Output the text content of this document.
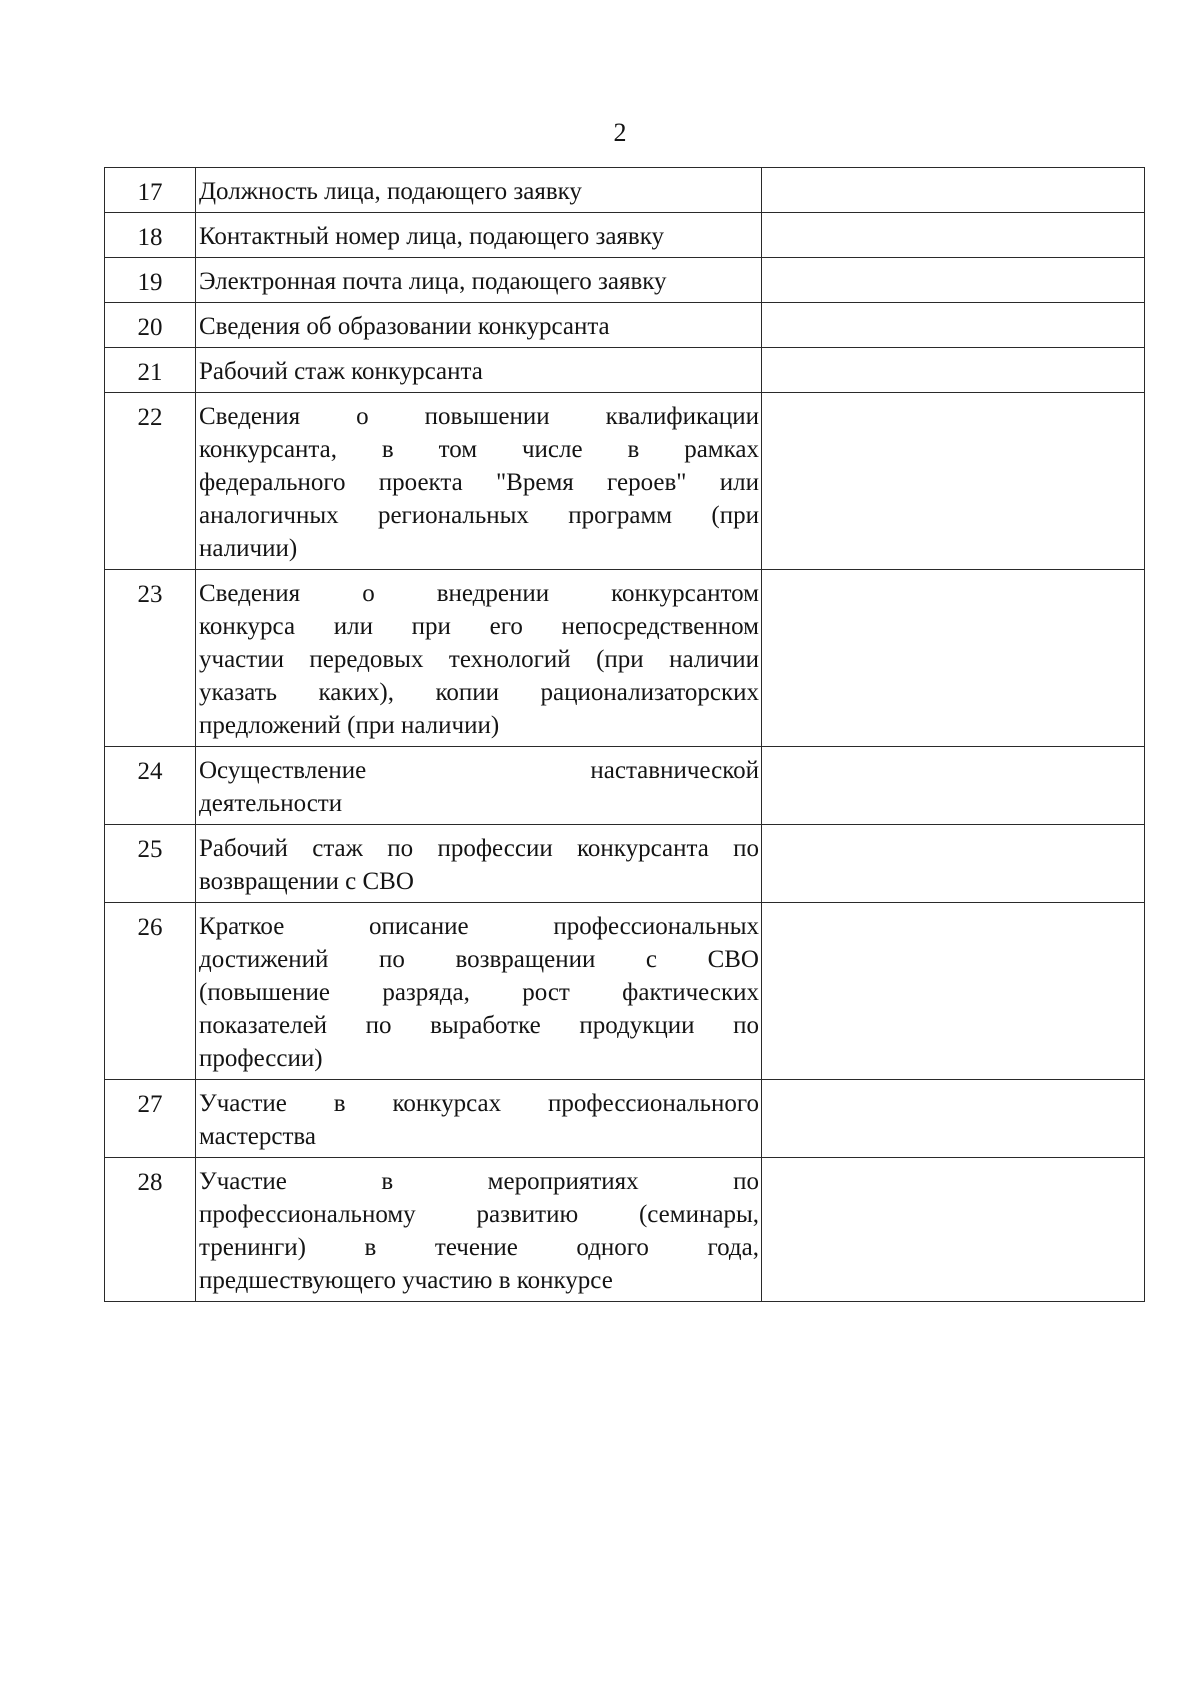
2
17	Должность лица, подающего заявку	

18	Контактный номер лица, подающего заявку	

19	Электронная почта лица, подающего заявку	

20	Сведения об образовании конкурсанта	

21	Рабочий стаж конкурсанта	

22	Сведения о повышении квалификации
конкурсанта, в том числе в рамках
федерального проекта "Время героев" или
аналогичных региональных программ (при
наличии)	

23	Сведения о внедрении конкурсантом
конкурса или при его непосредственном
участии передовых технологий (при наличии
указать каких), копии рационализаторских
предложений (при наличии)	

24	Осуществление наставнической
деятельности	

25	Рабочий стаж по профессии конкурсанта по
возвращении с СВО	

26	Краткое описание профессиональных
достижений по возвращении с СВО
(повышение разряда, рост фактических
показателей по выработке продукции по
профессии)	

27	Участие в конкурсах профессионального
мастерства	

28	Участие в мероприятиях по
профессиональному развитию (семинары,
тренинги) в течение одного года,
предшествующего участию в конкурсе	
